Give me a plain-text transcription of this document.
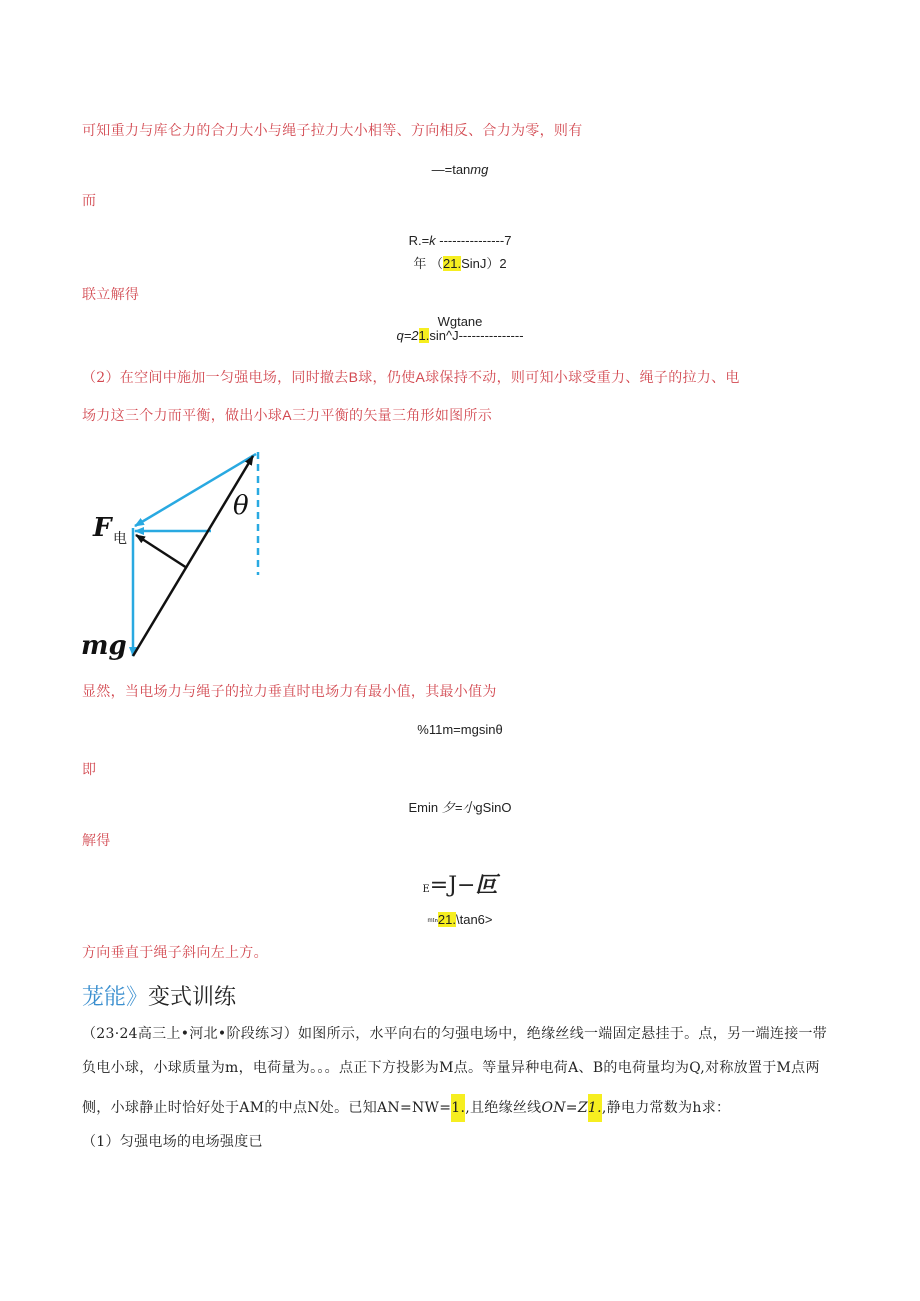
可知重力与库仑力的合力大小与绳子拉力大小相等、方向相反、合力为零，则有
—=tanmg
而
R.=k ---------------7
年 （21.SinJ）2
联立解得
Wgtane
q=21.sin^J---------------
（2）在空间中施加一匀强电场，同时撤去B球，仍使A球保持不动，则可知小球受重力、绳子的拉力、电
场力这三个力而平衡，做出小球A三力平衡的矢量三角形如图所示
F 电
mg
θ
显然，当电场力与绳子的拉力垂直时电场力有最小值，其最小值为
%11m=mgsinθ
即
Emin 夕=小gSinO
解得
E=J−叵
ᵐᵗⁿ21.\tan6>
方向垂直于绳子斜向左上方。
茏能》变式训练
（23·24高三上•河北•阶段练习）如图所示，水平向右的匀强电场中，绝缘丝线一端固定悬挂于。点，另一端连接一带
负电小球，小球质量为m，电荷量为。。。点正下方投影为M点。等量异种电荷A、B的电荷量均为Q,对称放置于M点两
侧，小球静止时恰好处于AM的中点N处。已知AN=NW=1.,且绝缘丝线ON=Z1.,静电力常数为h求：
（1）匀强电场的电场强度已
